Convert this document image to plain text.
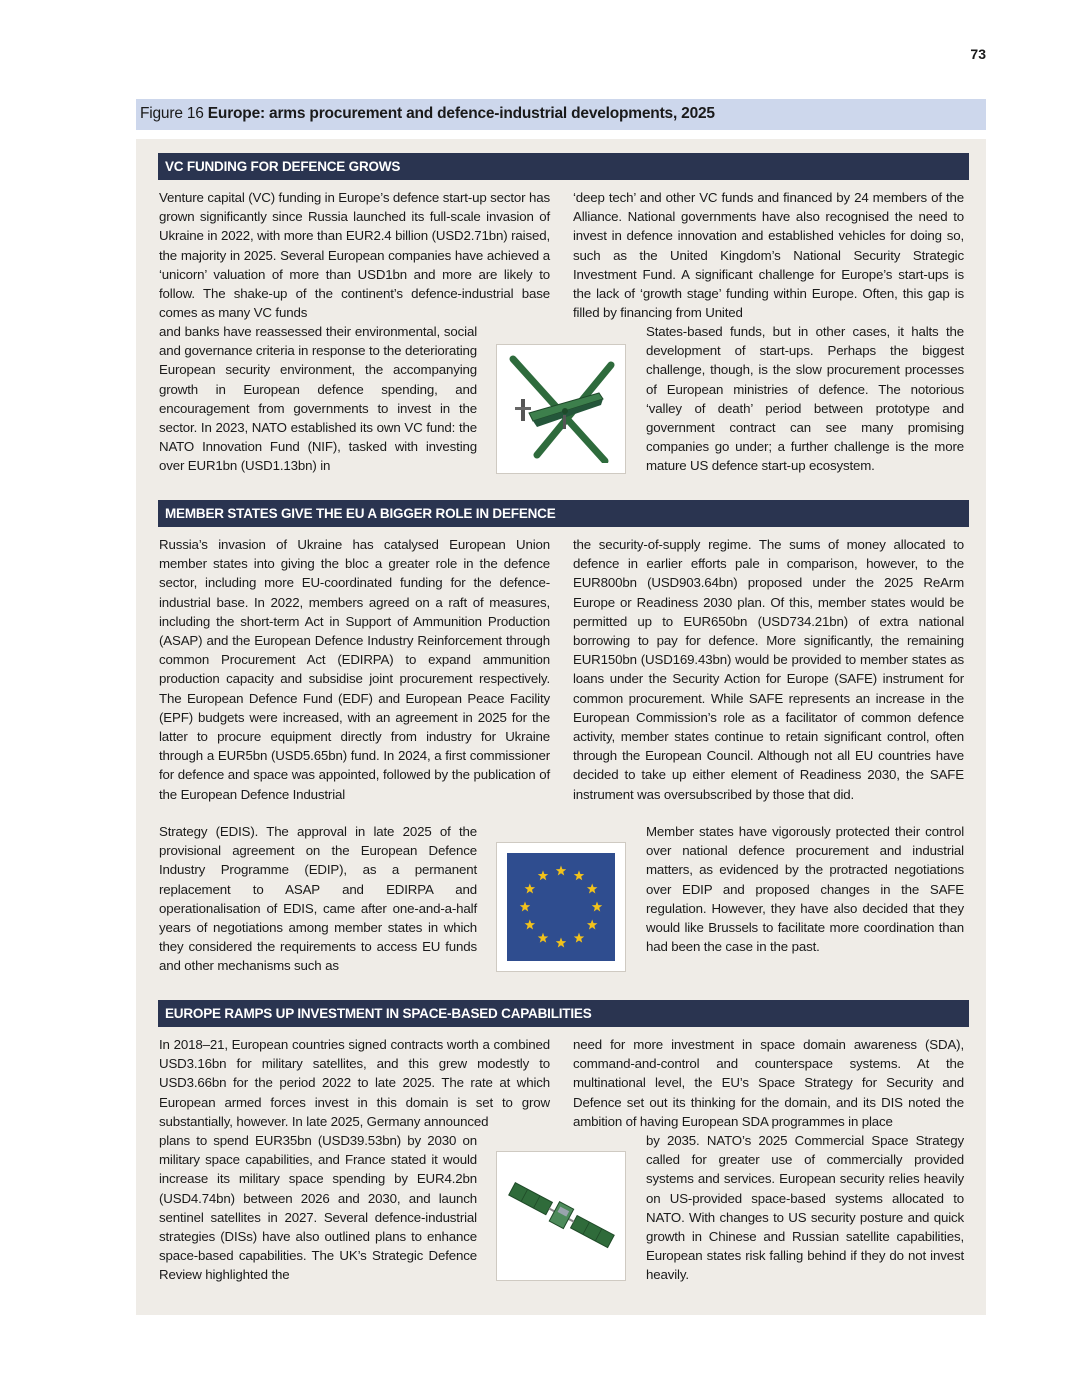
73
Figure 16 Europe: arms procurement and defence-industrial developments, 2025
VC FUNDING FOR DEFENCE GROWS
Venture capital (VC) funding in Europe’s defence start-up sector has grown significantly since Russia launched its full-scale invasion of Ukraine in 2022, with more than EUR2.4 billion (USD2.71bn) raised, the majority in 2025. Several European companies have achieved a ‘unicorn’ valuation of more than USD1bn and more are likely to follow. The shake-up of the continent’s defence-industrial base comes as many VC funds
and banks have reassessed their environmental, social and governance criteria in response to the deteriorating European security environment, the accompanying growth in European defence spending, and encouragement from governments to invest in the sector. In 2023, NATO established its own VC fund: the NATO Innovation Fund (NIF), tasked with investing over EUR1bn (USD1.13bn) in
‘deep tech’ and other VC funds and financed by 24 members of the Alliance. National governments have also recognised the need to invest in defence innovation and established vehicles for doing so, such as the United Kingdom’s National Security Strategic Investment Fund. A significant challenge for Europe’s start-ups is the lack of ‘growth stage’ funding within Europe. Often, this gap is filled by financing from United
States-based funds, but in other cases, it halts the development of start-ups. Perhaps the biggest challenge, though, is the slow procurement processes of European ministries of defence. The notorious ‘valley of death’ period between prototype and government contract can see many promising companies go under; a further challenge is the more mature US defence start-up ecosystem.
MEMBER STATES GIVE THE EU A BIGGER ROLE IN DEFENCE
Russia’s invasion of Ukraine has catalysed European Union member states into giving the bloc a greater role in the defence sector, including more EU-coordinated funding for the defence-industrial base. In 2022, members agreed on a raft of measures, including the short-term Act in Support of Ammunition Production (ASAP) and the European Defence Industry Reinforcement through common Procurement Act (EDIRPA) to expand ammunition production capacity and subsidise joint procurement respectively. The European Defence Fund (EDF) and European Peace Facility (EPF) budgets were increased, with an agreement in 2025 for the latter to procure equipment directly from industry for Ukraine through a EUR5bn (USD5.65bn) fund. In 2024, a first commissioner for defence and space was appointed, followed by the publication of the European Defence Industrial
Strategy (EDIS). The approval in late 2025 of the provisional agreement on the European Defence Industry Programme (EDIP), as a permanent replacement to ASAP and EDIRPA and operationalisation of EDIS, came after one-and-a-half years of negotiations among member states in which they considered the requirements to access EU funds and other mechanisms such as
the security-of-supply regime. The sums of money allocated to defence in earlier efforts pale in comparison, however, to the EUR800bn (USD903.64bn) proposed under the 2025 ReArm Europe or Readiness 2030 plan. Of this, member states would be permitted up to EUR650bn (USD734.21bn) of extra national borrowing to pay for defence. More significantly, the remaining EUR150bn (USD169.43bn) would be provided to member states as loans under the Security Action for Europe (SAFE) instrument for common procurement. While SAFE represents an increase in the European Commission’s role as a facilitator of common defence activity, member states continue to retain significant control, often through the European Council. Although not all EU countries have decided to take up either element of Readiness 2030, the SAFE instrument was oversubscribed by those that did.
Member states have vigorously protected their control over national defence procurement and industrial matters, as evidenced by the protracted negotiations over EDIP and proposed changes in the SAFE regulation. However, they have also decided that they would like Brussels to facilitate more coordination than had been the case in the past.
EUROPE RAMPS UP INVESTMENT IN SPACE-BASED CAPABILITIES
In 2018–21, European countries signed contracts worth a combined USD3.16bn for military satellites, and this grew modestly to USD3.66bn for the period 2022 to late 2025. The rate at which European armed forces invest in this domain is set to grow substantially, however. In late 2025, Germany announced
plans to spend EUR35bn (USD39.53bn) by 2030 on military space capabilities, and France stated it would increase its military space spending by EUR4.2bn (USD4.74bn) between 2026 and 2030, and launch sentinel satellites in 2027. Several defence-industrial strategies (DISs) have also outlined plans to enhance space-based capabilities. The UK’s Strategic Defence Review highlighted the
need for more investment in space domain awareness (SDA), command-and-control and counterspace systems. At the multinational level, the EU’s Space Strategy for Security and Defence set out its thinking for the domain, and its DIS noted the ambition of having European SDA programmes in place
by 2035. NATO’s 2025 Commercial Space Strategy called for greater use of commercially provided systems and services. European security relies heavily on US-provided space-based systems allocated to NATO. With changes to US security posture and quick growth in Chinese and Russian satellite capabilities, European states risk falling behind if they do not invest heavily.
